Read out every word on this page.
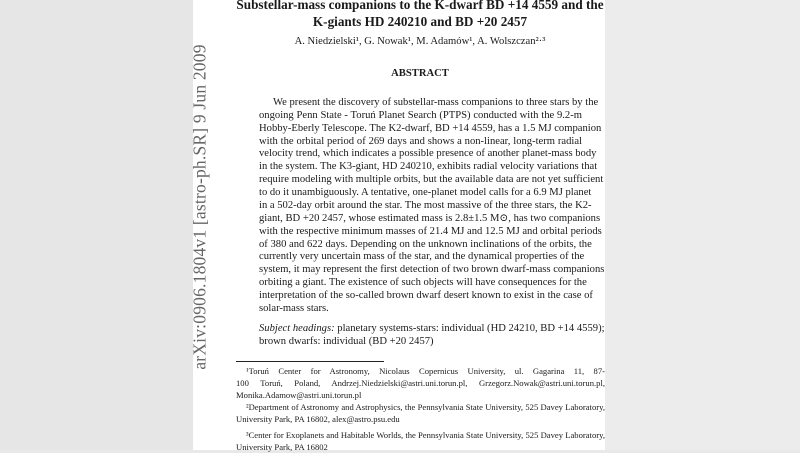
arXiv:0906.1804v1 [astro-ph.SR] 9 Jun 2009
Substellar-mass companions to the K-dwarf BD +14 4559 and the
K-giants HD 240210 and BD +20 2457
A. Niedzielski¹, G. Nowak¹, M. Adamów¹, A. Wolszczan²·³
ABSTRACT
We present the discovery of substellar-mass companions to three stars by the
ongoing Penn State - Toruń Planet Search (PTPS) conducted with the 9.2-m
Hobby-Eberly Telescope. The K2-dwarf, BD +14 4559, has a 1.5 MJ companion
with the orbital period of 269 days and shows a non-linear, long-term radial
velocity trend, which indicates a possible presence of another planet-mass body
in the system. The K3-giant, HD 240210, exhibits radial velocity variations that
require modeling with multiple orbits, but the available data are not yet sufficient
to do it unambiguously. A tentative, one-planet model calls for a 6.9 MJ planet
in a 502-day orbit around the star. The most massive of the three stars, the K2-
giant, BD +20 2457, whose estimated mass is 2.8±1.5 M⊙, has two companions
with the respective minimum masses of 21.4 MJ and 12.5 MJ and orbital periods
of 380 and 622 days. Depending on the unknown inclinations of the orbits, the
currently very uncertain mass of the star, and the dynamical properties of the
system, it may represent the first detection of two brown dwarf-mass companions
orbiting a giant. The existence of such objects will have consequences for the
interpretation of the so-called brown dwarf desert known to exist in the case of
solar-mass stars.
Subject headings: planetary systems-stars: individual (HD 24210, BD +14 4559);
brown dwarfs: individual (BD +20 2457)
¹Toruń Center for Astronomy, Nicolaus Copernicus University, ul. Gagarina 11, 87-
100 Toruń, Poland, Andrzej.Niedzielski@astri.uni.torun.pl, Grzegorz.Nowak@astri.uni.torun.pl,
Monika.Adamow@astri.uni.torun.pl
²Department of Astronomy and Astrophysics, the Pennsylvania State University, 525 Davey Laboratory,
University Park, PA 16802, alex@astro.psu.edu
³Center for Exoplanets and Habitable Worlds, the Pennsylvania State University, 525 Davey Laboratory,
University Park, PA 16802
